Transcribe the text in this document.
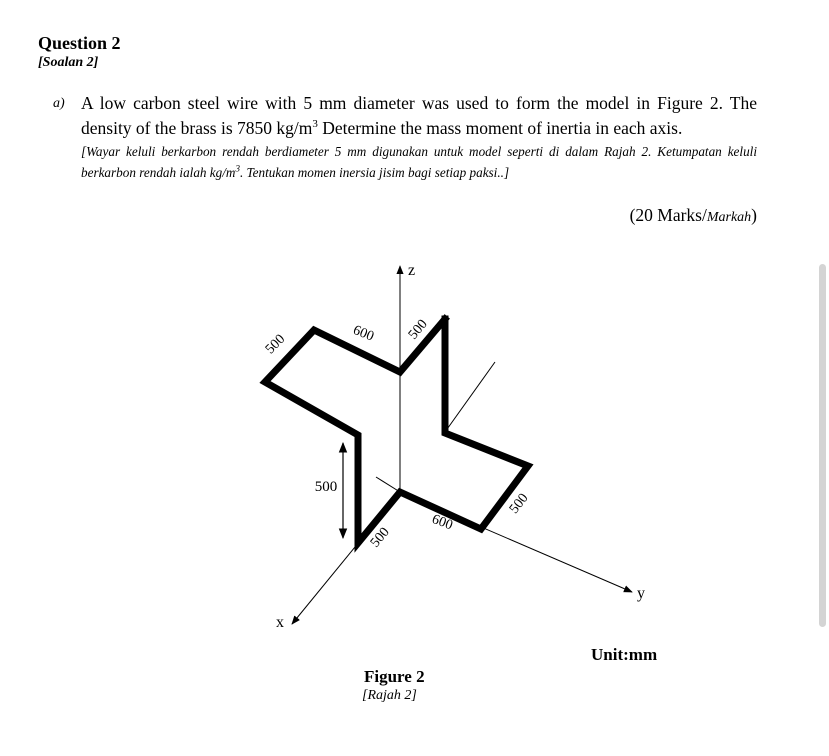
Question 2
[Soalan 2]
a) A low carbon steel wire with 5 mm diameter was used to form the model in Figure 2. The density of the brass is 7850 $kg/m^3$ Determine the mass moment of inertia in each axis.
[Wayar keluli berkarbon rendah berdiameter 5 mm digunakan untuk model seperti di dalam Rajah 2. Ketumpatan keluli berkarbon rendah ialah $kg/m^3$. Tentukan momen inersia jisim bagi setiap paksi..]
(20 Marks/Markah)
z
y
x
500	600 500
500
500
600
500
Unit:mm
Figure 2
[Rajah 2]
